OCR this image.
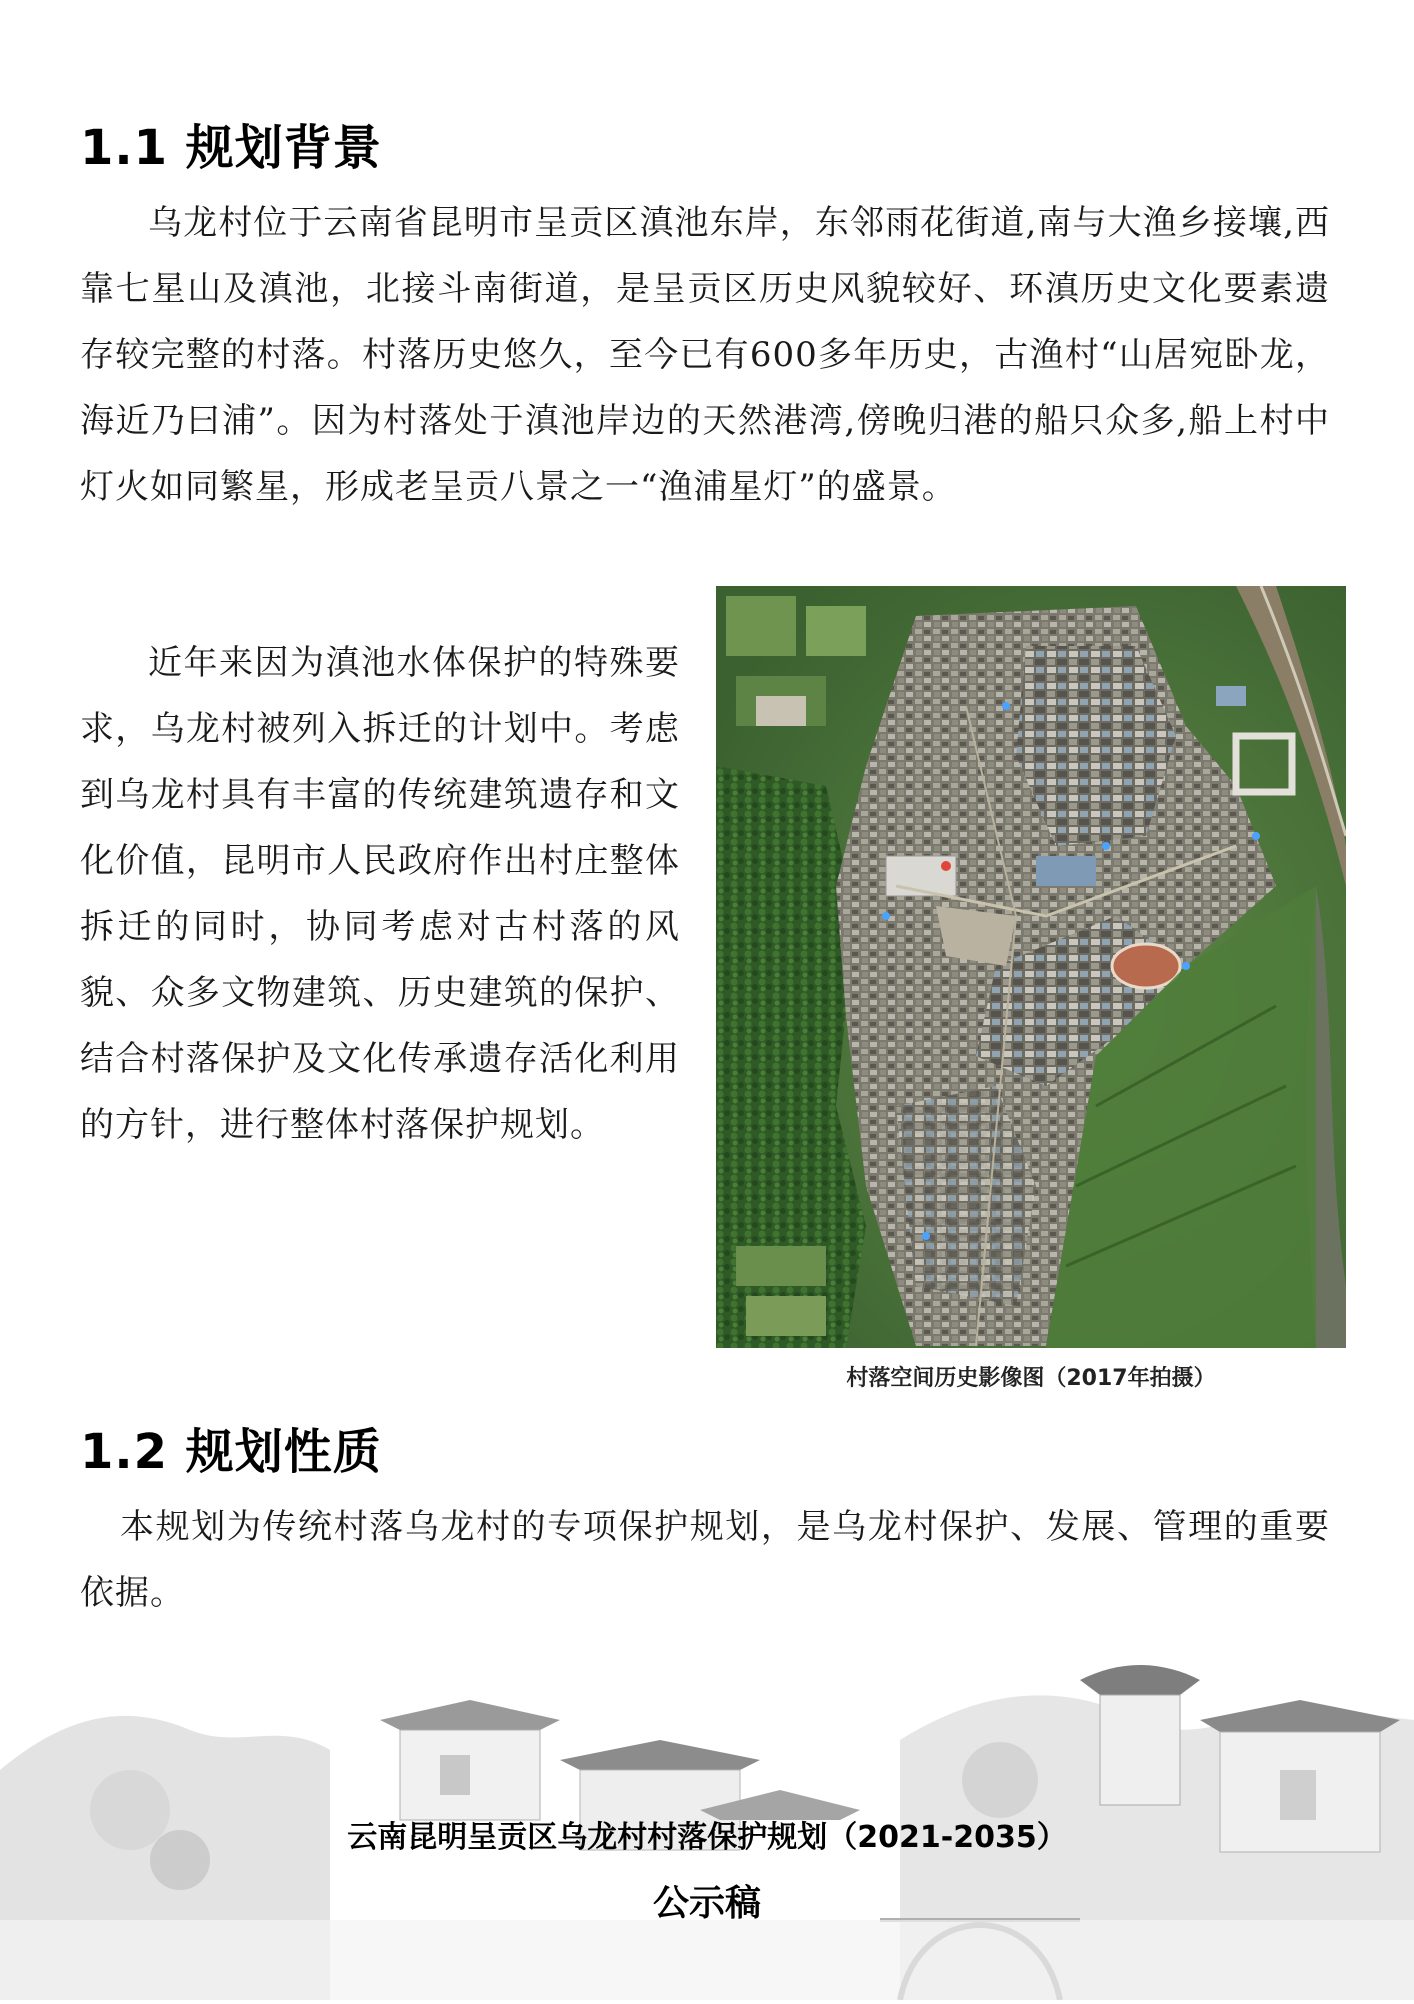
1.1 规划背景

乌龙村位于云南省昆明市呈贡区滇池东岸，东邻雨花街道,南与大渔乡接壤,西靠七星山及滇池，北接斗南街道，是呈贡区历史风貌较好、环滇历史文化要素遗存较完整的村落。村落历史悠久，至今已有600多年历史，古渔村“山居宛卧龙，海近乃曰浦”。因为村落处于滇池岸边的天然港湾,傍晚归港的船只众多,船上村中灯火如同繁星，形成老呈贡八景之一“渔浦星灯”的盛景。

近年来因为滇池水体保护的特殊要求，乌龙村被列入拆迁的计划中。考虑到乌龙村具有丰富的传统建筑遗存和文化价值，昆明市人民政府作出村庄整体拆迁的同时，协同考虑对古村落的风貌、众多文物建筑、历史建筑的保护、结合村落保护及文化传承遗存活化利用的方针，进行整体村落保护规划。

村落空间历史影像图（2017年拍摄）
1.2 规划性质

本规划为传统村落乌龙村的专项保护规划，是乌龙村保护、发展、管理的重要依据。

云南昆明呈贡区乌龙村村落保护规划（2021-2035）
公示稿
